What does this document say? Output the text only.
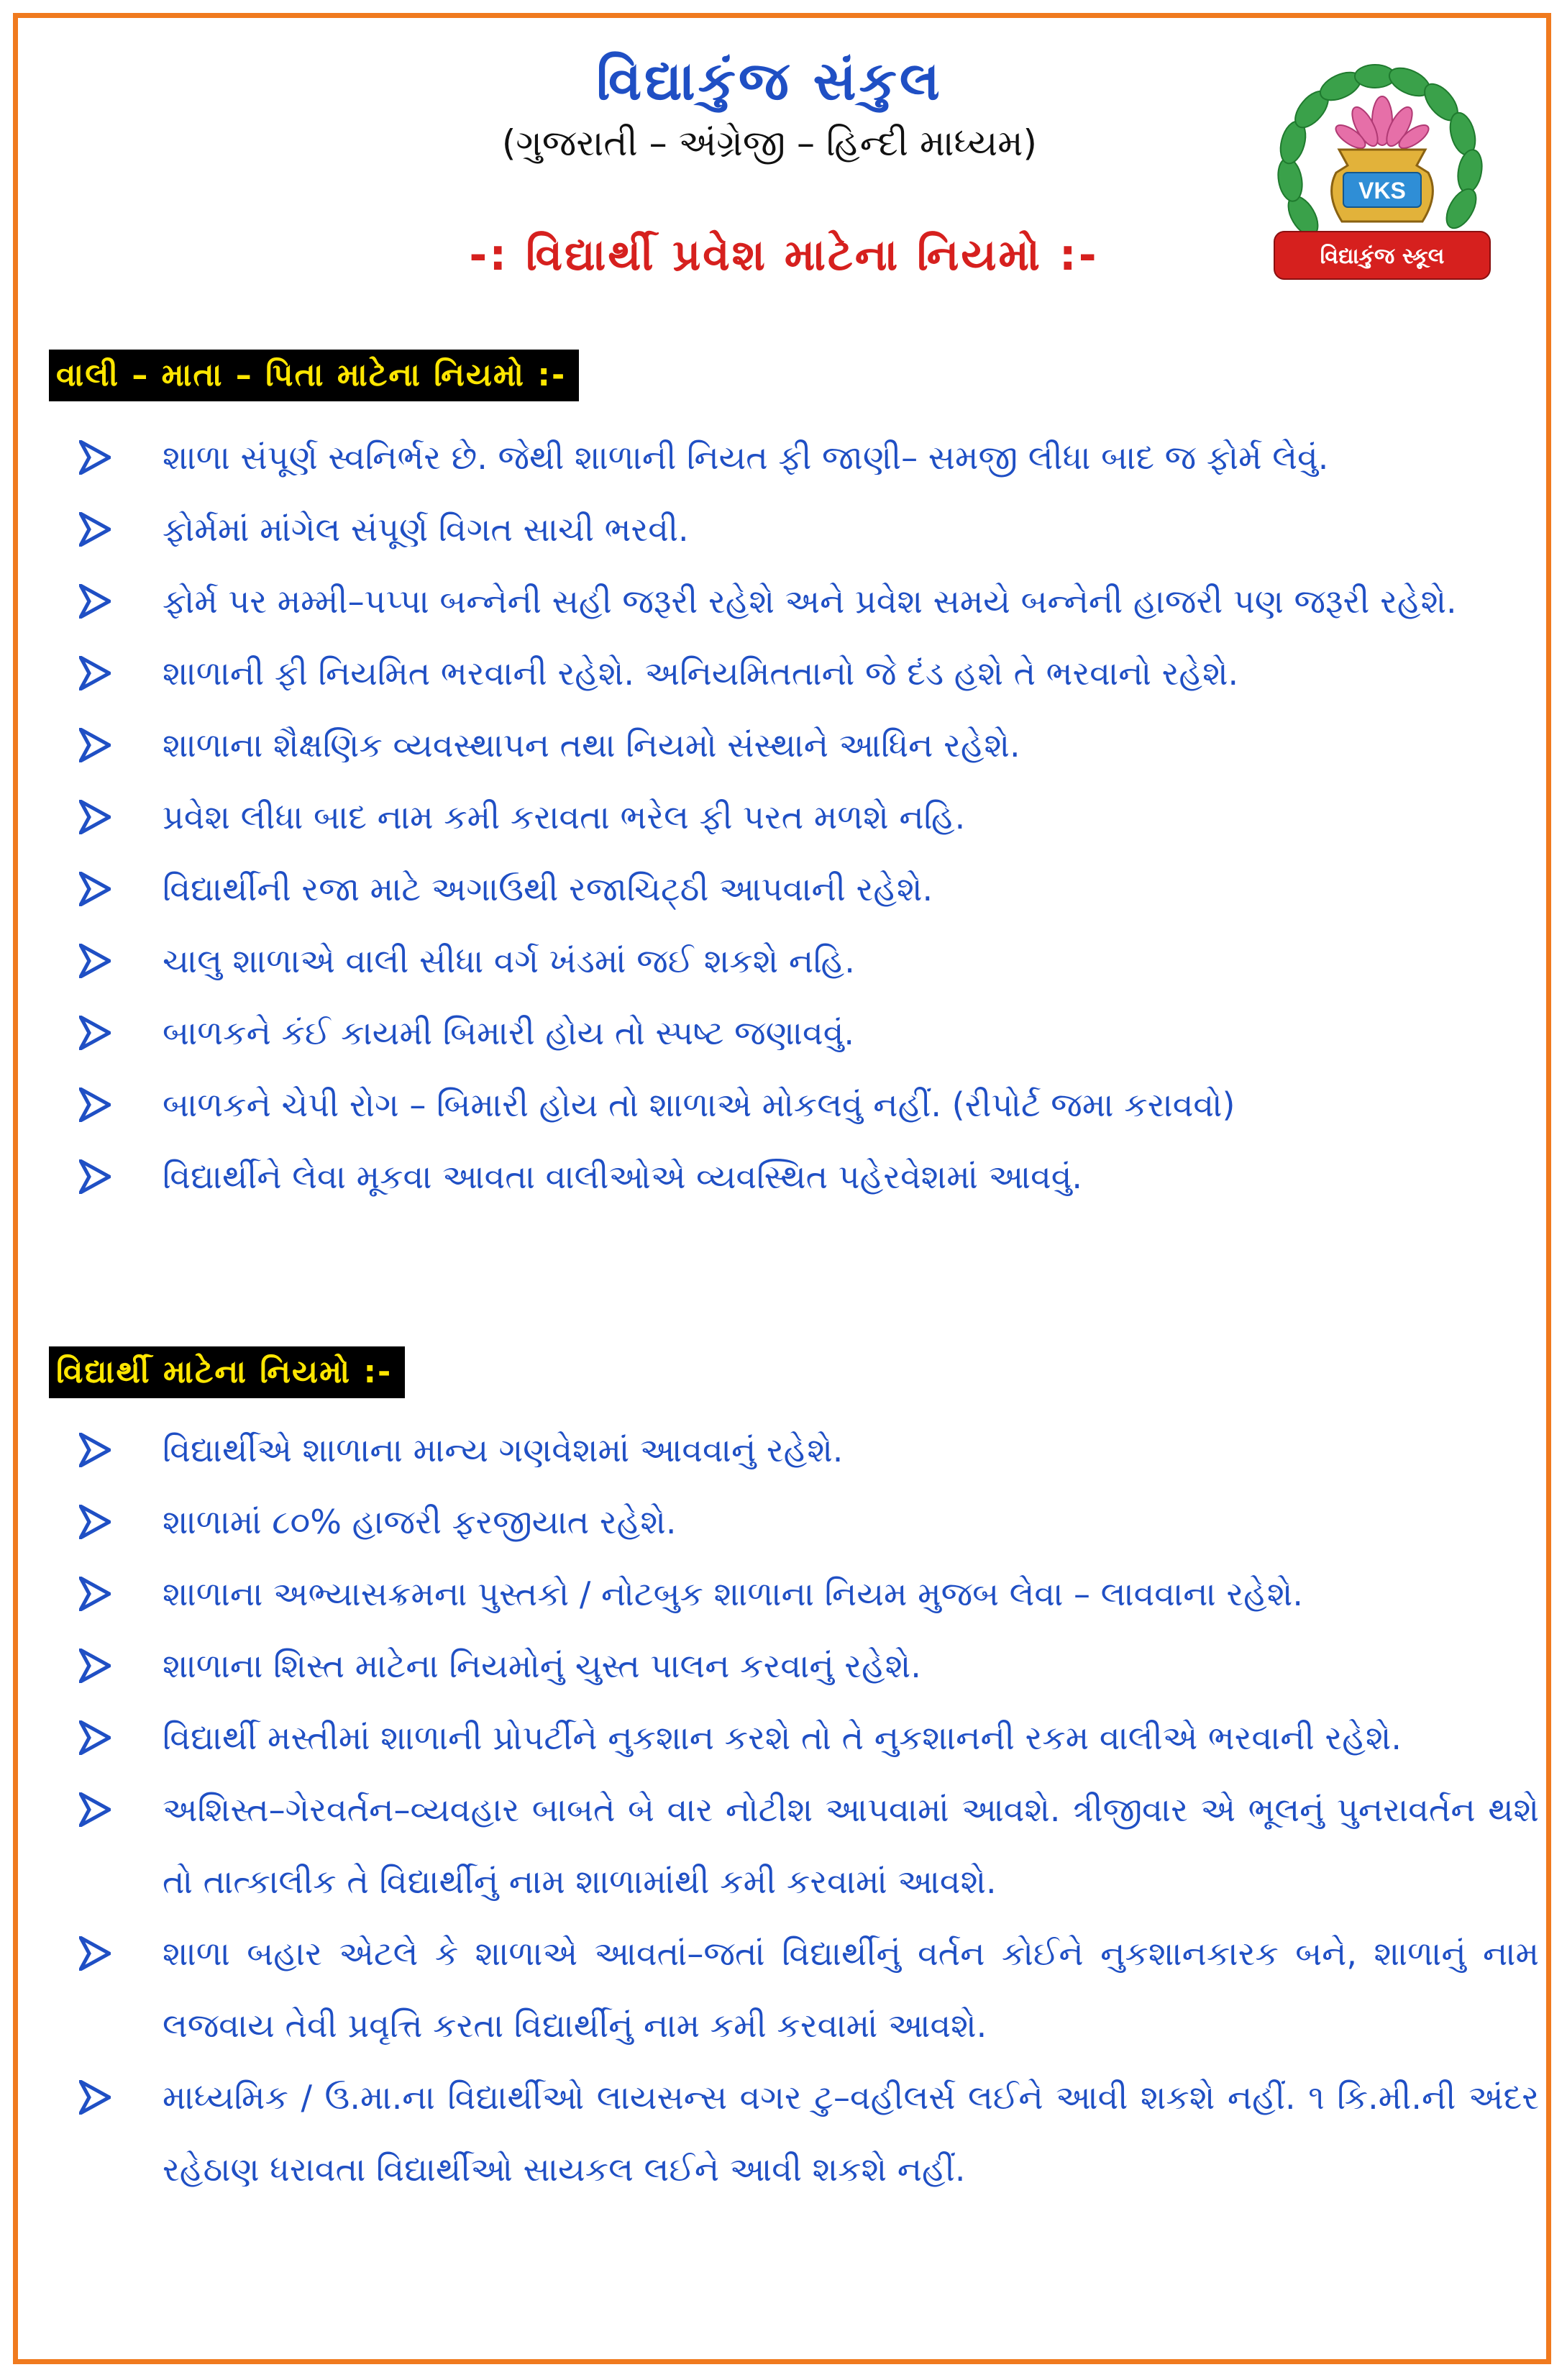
વિદ્યાકુંજ સંકુલ
(ગુજરાતી – અંગ્રેજી – હિન્દી માધ્યમ)
-: વિદ્યાર્થી પ્રવેશ માટેના નિયમો :-
VKS
વિદ્યાકુંજ સ્કૂલ
વાલી – માતા – પિતા માટેના નિયમો :-
શાળા સંપૂર્ણ સ્વનિર્ભર છે. જેથી શાળાની નિયત ફી જાણી– સમજી લીધા બાદ જ ફોર્મ લેવું.
ફોર્મમાં માંગેલ સંપૂર્ણ વિગત સાચી ભરવી.
ફોર્મ પર મમ્મી–પપ્પા બન્નેની સહી જરૂરી રહેશે અને પ્રવેશ સમયે બન્નેની હાજરી પણ જરૂરી રહેશે.
શાળાની ફી નિયમિત ભરવાની રહેશે. અનિયમિતતાનો જે દંડ હશે તે ભરવાનો રહેશે.
શાળાના શૈક્ષણિક વ્યવસ્થાપન તથા નિયમો સંસ્થાને આધિન રહેશે.
પ્રવેશ લીધા બાદ નામ કમી કરાવતા ભરેલ ફી પરત મળશે નહિ.
વિદ્યાર્થીની રજા માટે અગાઉથી રજાચિટ્ઠી આપવાની રહેશે.
ચાલુ શાળાએ વાલી સીધા વર્ગ ખંડમાં જઈ શકશે નહિ.
બાળકને કંઈ કાયમી બિમારી હોય તો સ્પષ્ટ જણાવવું.
બાળકને ચેપી રોગ – બિમારી હોય તો શાળાએ મોકલવું નહીં. (રીપોર્ટ જમા કરાવવો)
વિદ્યાર્થીને લેવા મૂકવા આવતા વાલીઓએ વ્યવસ્થિત પહેરવેશમાં આવવું.
વિદ્યાર્થી માટેના નિયમો :-
વિદ્યાર્થીએ શાળાના માન્ય ગણવેશમાં આવવાનું રહેશે.
શાળામાં ૮૦% હાજરી ફરજીયાત રહેશે.
શાળાના અભ્યાસક્રમના પુસ્તકો / નોટબુક શાળાના નિયમ મુજબ લેવા – લાવવાના રહેશે.
શાળાના શિસ્ત માટેના નિયમોનું ચુસ્ત પાલન કરવાનું રહેશે.
વિદ્યાર્થી મસ્તીમાં શાળાની પ્રોપર્ટીને નુકશાન કરશે તો તે નુકશાનની રકમ વાલીએ ભરવાની રહેશે.
અશિસ્ત–ગેરવર્તન–વ્યવહાર બાબતે બે વાર નોટીશ આપવામાં આવશે. ત્રીજીવાર એ ભૂલનું પુનરાવર્તન થશે તો તાત્કાલીક તે વિદ્યાર્થીનું નામ શાળામાંથી કમી કરવામાં આવશે.
શાળા બહાર એટલે કે શાળાએ આવતાં–જતાં વિદ્યાર્થીનું વર્તન કોઈને નુકશાનકારક બને, શાળાનું નામ લજવાય તેવી પ્રવૃત્તિ કરતા વિદ્યાર્થીનું નામ કમી કરવામાં આવશે.
માધ્યમિક / ઉ.મા.ના વિદ્યાર્થીઓ લાયસન્સ વગર ટુ–વહીલર્સ લઈને આવી શકશે નહીં. ૧ કિ.મી.ની અંદર રહેઠાણ ધરાવતા વિદ્યાર્થીઓ સાયકલ લઈને આવી શકશે નહીં.
